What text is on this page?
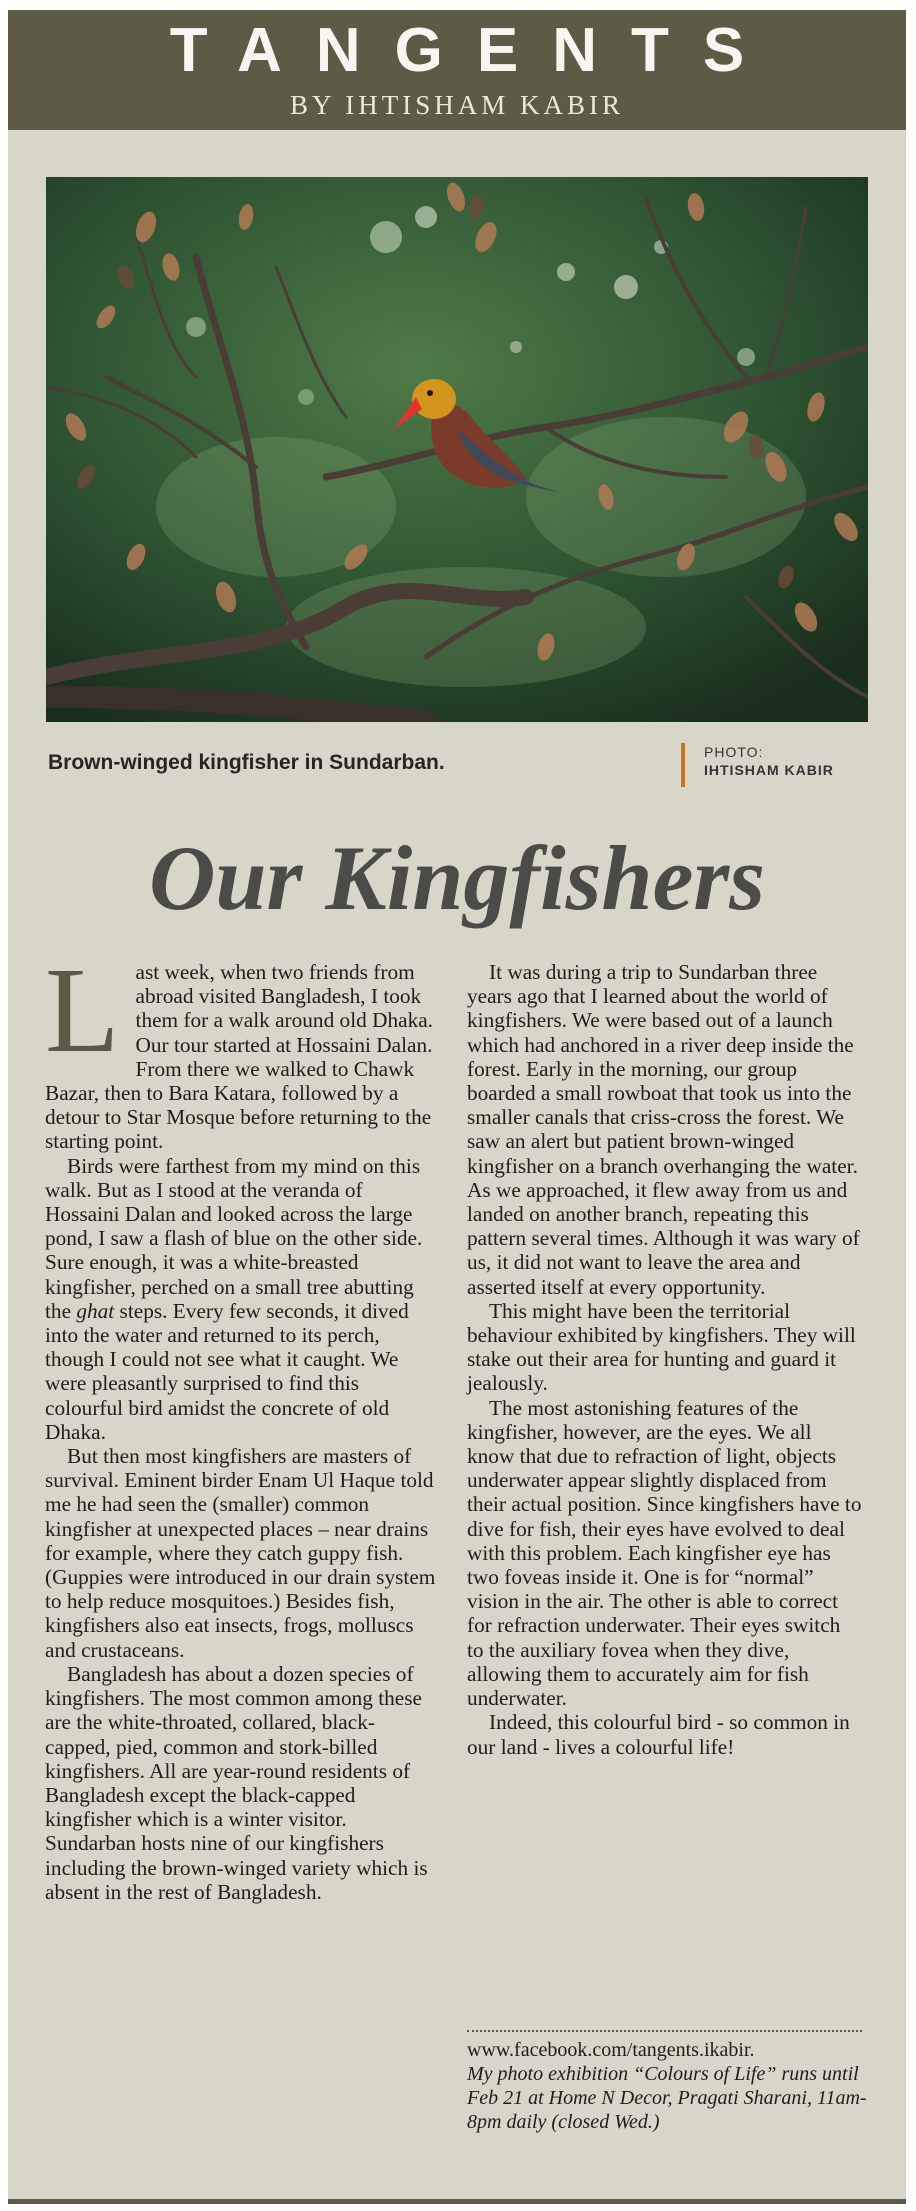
TANGENTS
BY IHTISHAM KABIR
Brown-winged kingfisher in Sundarban.	PHOTO:
IHTISHAM KABIR
Our Kingfishers

Last week, when two friends from abroad visited Bangladesh, I took them for a walk around old Dhaka. Our tour started at Hossaini Dalan. From there we walked to Chawk Bazar, then to Bara Katara, followed by a detour to Star Mosque before returning to the starting point.

Birds were farthest from my mind on this walk. But as I stood at the veranda of Hossaini Dalan and looked across the large pond, I saw a flash of blue on the other side. Sure enough, it was a white-breasted kingfisher, perched on a small tree abutting the ghat steps. Every few seconds, it dived into the water and returned to its perch, though I could not see what it caught. We were pleasantly surprised to find this colourful bird amidst the concrete of old Dhaka.

But then most kingfishers are masters of survival. Eminent birder Enam Ul Haque told me he had seen the (smaller) common kingfisher at unexpected places – near drains for example, where they catch guppy fish. (Guppies were introduced in our drain system to help reduce mosquitoes.) Besides fish, kingfishers also eat insects, frogs, molluscs and crustaceans.

Bangladesh has about a dozen species of kingfishers. The most common among these are the white-throated, collared, black-capped, pied, common and stork-billed kingfishers. All are year-round residents of Bangladesh except the black-capped kingfisher which is a winter visitor. Sundarban hosts nine of our kingfishers including the brown-winged variety which is absent in the rest of Bangladesh.

It was during a trip to Sundarban three years ago that I learned about the world of kingfishers. We were based out of a launch which had anchored in a river deep inside the forest. Early in the morning, our group boarded a small rowboat that took us into the smaller canals that criss-cross the forest. We saw an alert but patient brown-winged kingfisher on a branch overhanging the water. As we approached, it flew away from us and landed on another branch, repeating this pattern several times. Although it was wary of us, it did not want to leave the area and asserted itself at every opportunity.

This might have been the territorial behaviour exhibited by kingfishers. They will stake out their area for hunting and guard it jealously.

The most astonishing features of the kingfisher, however, are the eyes. We all know that due to refraction of light, objects underwater appear slightly displaced from their actual position. Since kingfishers have to dive for fish, their eyes have evolved to deal with this problem. Each kingfisher eye has two foveas inside it. One is for “normal” vision in the air. The other is able to correct for refraction underwater. Their eyes switch to the auxiliary fovea when they dive, allowing them to accurately aim for fish underwater.

Indeed, this colourful bird - so common in our land - lives a colourful life!

www.facebook.com/tangents.ikabir.
My photo exhibition “Colours of Life” runs until Feb 21 at Home N Decor, Pragati Sharani, 11am-8pm daily (closed Wed.)
